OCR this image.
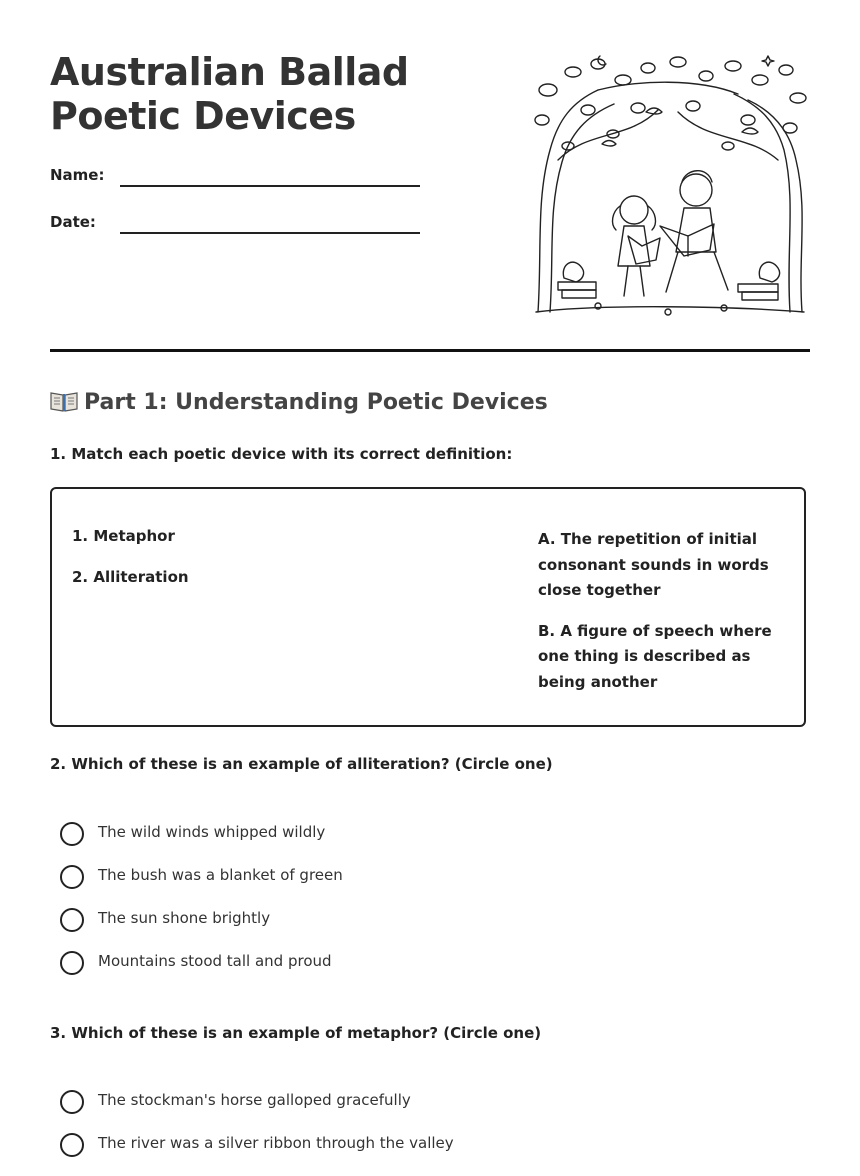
Australian Ballad Poetic Devices
Name:
Date:
Part 1: Understanding Poetic Devices

1. Match each poetic device with its correct definition:

1. Metaphor
2. Alliteration
A. The repetition of initial consonant sounds in words close together
B. A figure of speech where one thing is described as being another

2. Which of these is an example of alliteration? (Circle one)

The wild winds whipped wildly
The bush was a blanket of green
The sun shone brightly
Mountains stood tall and proud

3. Which of these is an example of metaphor? (Circle one)

The stockman's horse galloped gracefully
The river was a silver ribbon through the valley
